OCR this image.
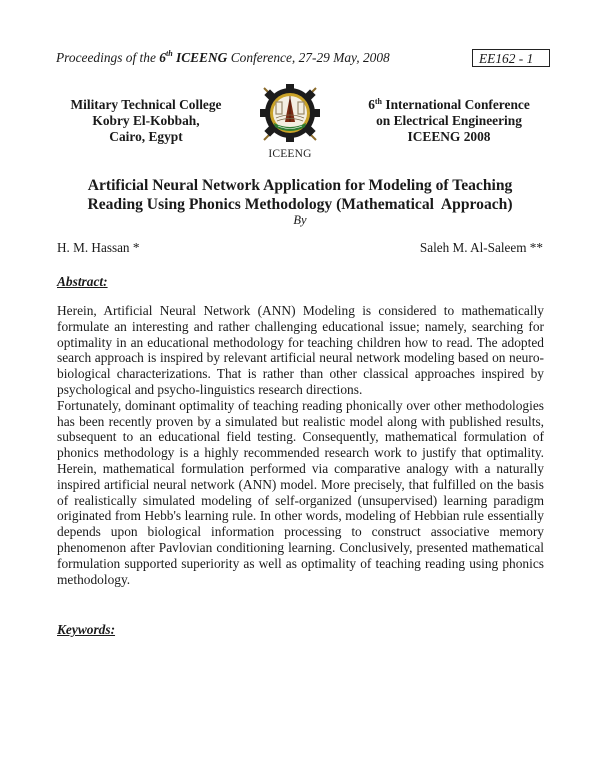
Proceedings of the 6th ICEENG Conference, 27-29 May, 2008	EE162 - 1
Military Technical College
Kobry El-Kobbah,
Cairo, Egypt
ICEENG
6th International Conference
on Electrical Engineering
ICEENG 2008
Artificial Neural Network Application for Modeling of Teaching
Reading Using Phonics Methodology (Mathematical  Approach)
By
H. M. Hassan *	Saleh M. Al-Saleem **
Abstract:

Herein, Artificial Neural Network (ANN) Modeling is considered to mathematically formulate an interesting and rather challenging educational issue; namely, searching for optimality in an educational methodology for teaching children how to read. The adopted search approach is inspired by relevant artificial neural network modeling based on neuro-biological characterizations. That is rather than other classical approaches inspired by psychological and psycho-linguistics research directions.

Fortunately, dominant optimality of teaching reading phonically over other methodologies has been recently proven by a simulated but realistic model along with published results, subsequent to an educational field testing. Consequently, mathematical formulation of phonics methodology is a highly recommended research work to justify that optimality. Herein, mathematical formulation performed via comparative analogy with a naturally inspired artificial neural network (ANN) model. More precisely, that fulfilled on the basis of realistically simulated modeling of self-organized (unsupervised) learning paradigm originated from Hebb's learning rule. In other words, modeling of Hebbian rule essentially depends upon biological information processing to construct associative memory phenomenon after Pavlovian conditioning learning. Conclusively, presented mathematical formulation supported superiority as well as optimality of teaching reading using phonics methodology.

Keywords:
